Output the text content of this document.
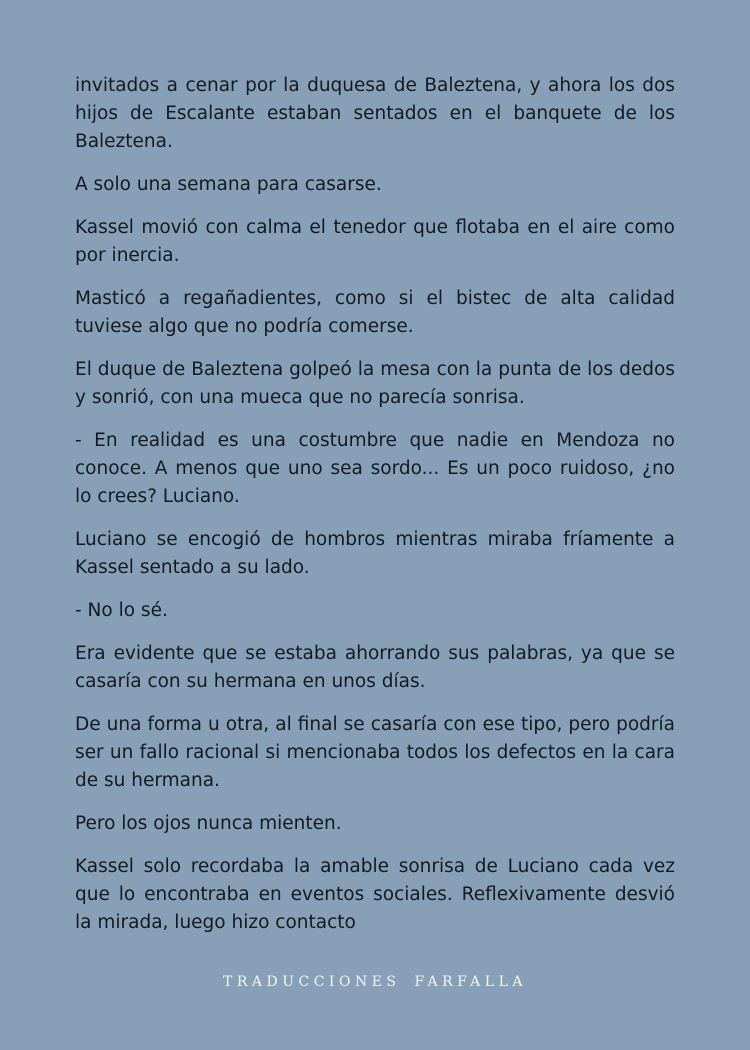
invitados a cenar por la duquesa de Baleztena, y ahora los dos hijos de Escalante estaban sentados en el banquete de los Baleztena.

A solo una semana para casarse.

Kassel movió con calma el tenedor que flotaba en el aire como por inercia.

Masticó a regañadientes, como si el bistec de alta calidad tuviese algo que no podría comerse.

El duque de Baleztena golpeó la mesa con la punta de los dedos y sonrió, con una mueca que no parecía sonrisa.

- En realidad es una costumbre que nadie en Mendoza no conoce. A menos que uno sea sordo... Es un poco ruidoso, ¿no lo crees? Luciano.

Luciano se encogió de hombros mientras miraba fríamente a Kassel sentado a su lado.

- No lo sé.

Era evidente que se estaba ahorrando sus palabras, ya que se casaría con su hermana en unos días.

De una forma u otra, al final se casaría con ese tipo, pero podría ser un fallo racional si mencionaba todos los defectos en la cara de su hermana.

Pero los ojos nunca mienten.

Kassel solo recordaba la amable sonrisa de Luciano cada vez que lo encontraba en eventos sociales. Reflexivamente desvió la mirada, luego hizo contacto

TRADUCCIONES FARFALLA
